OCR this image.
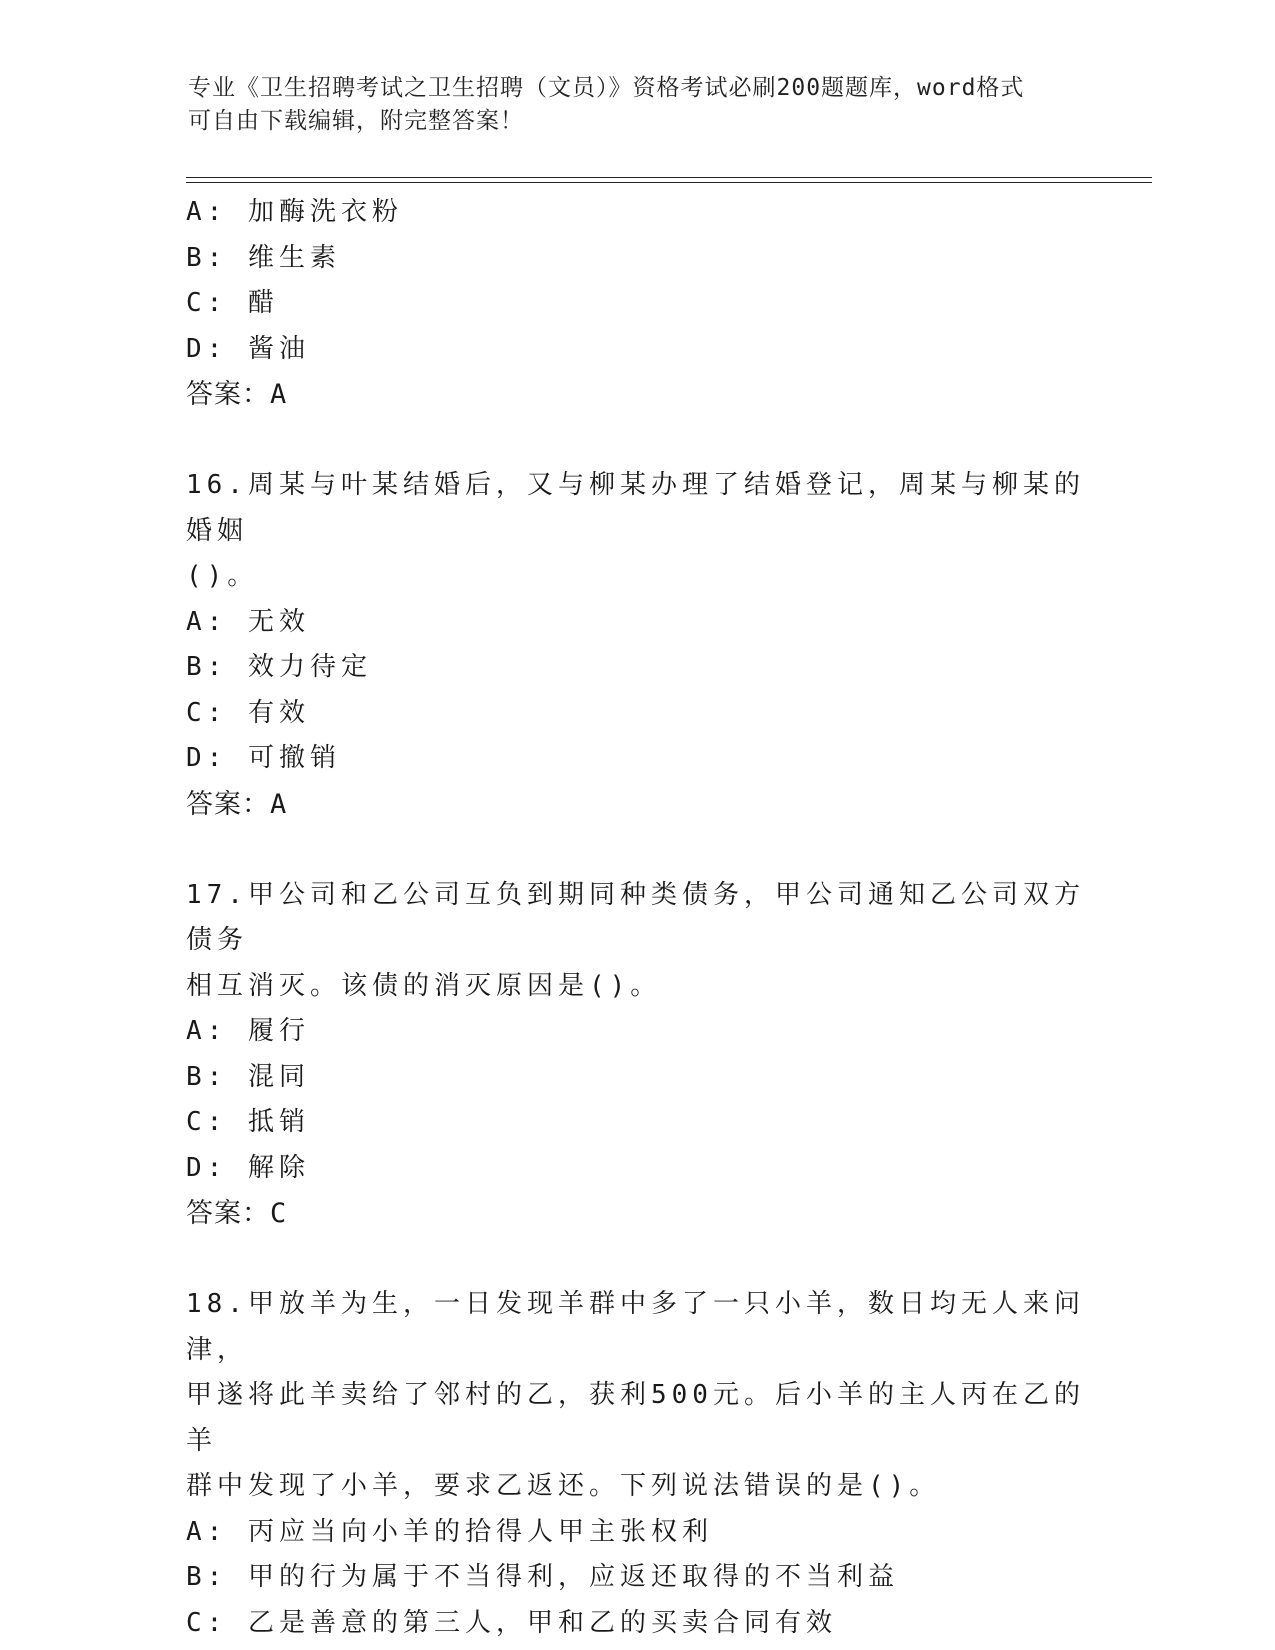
专业《卫生招聘考试之卫生招聘（文员）》资格考试必刷200题题库，word格式
可自由下载编辑，附完整答案！
A: 加酶洗衣粉
B: 维生素
C: 醋
D: 酱油
答案：A
16.周某与叶某结婚后，又与柳某办理了结婚登记，周某与柳某的婚姻
()。
A: 无效
B: 效力待定
C: 有效
D: 可撤销
答案：A
17.甲公司和乙公司互负到期同种类债务，甲公司通知乙公司双方债务
相互消灭。该债的消灭原因是()。
A: 履行
B: 混同
C: 抵销
D: 解除
答案：C
18.甲放羊为生，一日发现羊群中多了一只小羊，数日均无人来问津，
甲遂将此羊卖给了邻村的乙，获利500元。后小羊的主人丙在乙的羊
群中发现了小羊，要求乙返还。下列说法错误的是()。
A: 丙应当向小羊的拾得人甲主张权利
B: 甲的行为属于不当得利，应返还取得的不当利益
C: 乙是善意的第三人，甲和乙的买卖合同有效
